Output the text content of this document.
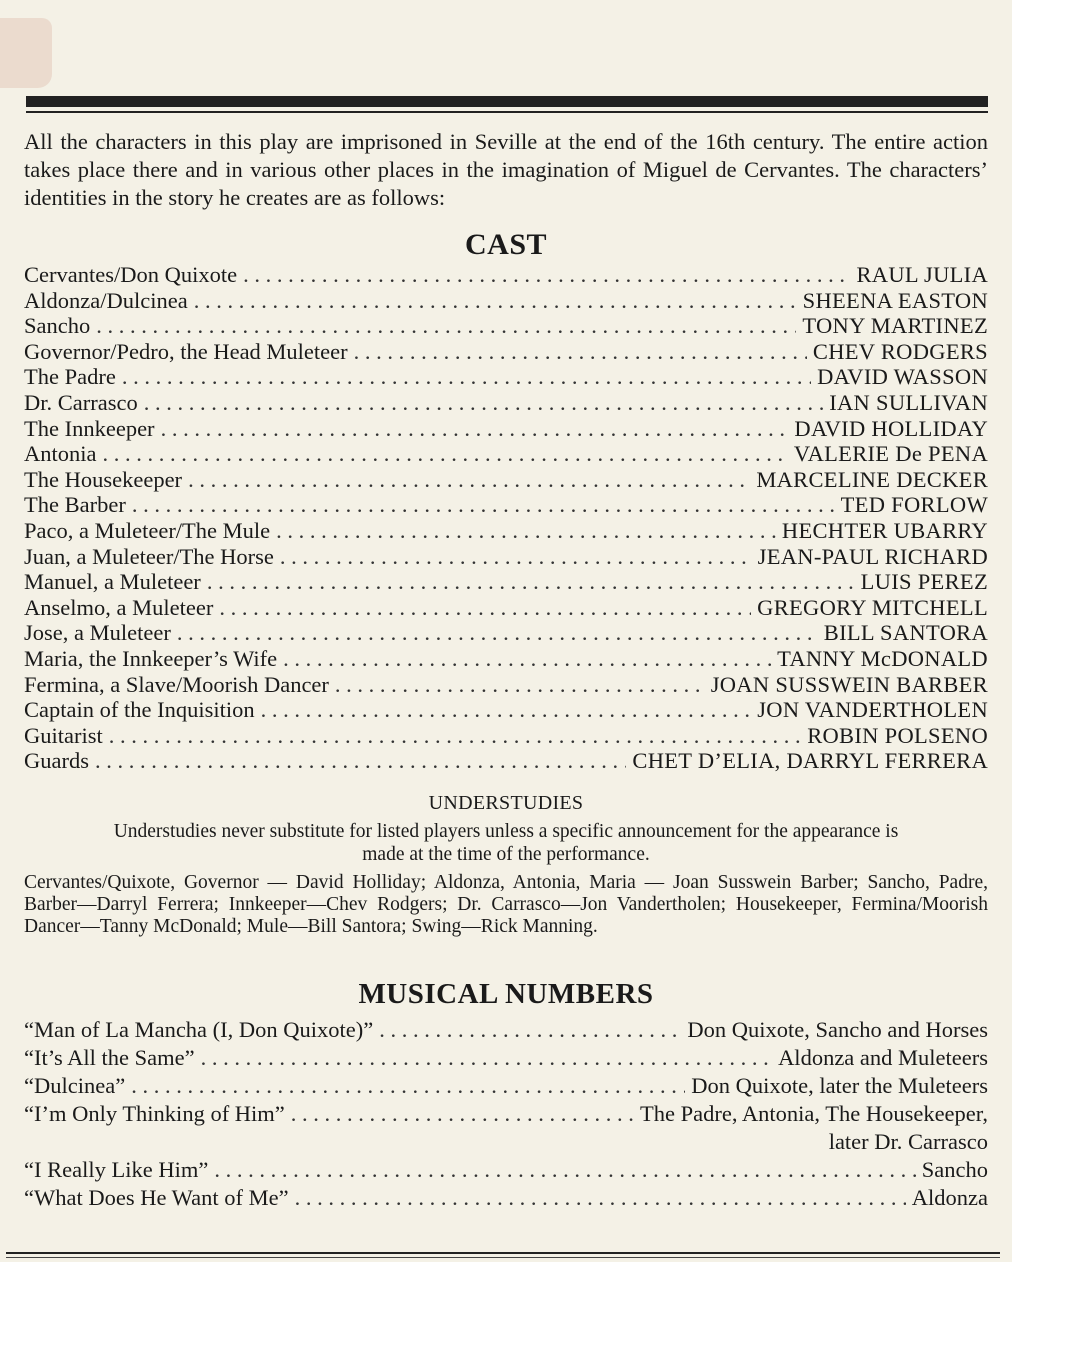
All the characters in this play are imprisoned in Seville at the end of the 16th century. The entire action takes place there and in various other places in the imagination of Miguel de Cervantes. The characters’ identities in the story he creates are as follows:
CAST
Cervantes/Don Quixote . . .	RAUL JULIA
Aldonza/Dulcinea . . .	SHEENA EASTON
Sancho . . .	TONY MARTINEZ
Governor/Pedro, the Head Muleteer . . .	CHEV RODGERS
The Padre . . .	DAVID WASSON
Dr. Carrasco . . .	IAN SULLIVAN
The Innkeeper . . .	DAVID HOLLIDAY
Antonia . . .	VALERIE De PENA
The Housekeeper . . .	MARCELINE DECKER
The Barber . . .	TED FORLOW
Paco, a Muleteer/The Mule . . .	HECHTER UBARRY
Juan, a Muleteer/The Horse . . .	JEAN-PAUL RICHARD
Manuel, a Muleteer . . .	LUIS PEREZ
Anselmo, a Muleteer . . .	GREGORY MITCHELL
Jose, a Muleteer . . .	BILL SANTORA
Maria, the Innkeeper’s Wife . . .	TANNY McDONALD
Fermina, a Slave/Moorish Dancer . . .	JOAN SUSSWEIN BARBER
Captain of the Inquisition . . .	JON VANDERTHOLEN
Guitarist . . .	ROBIN POLSENO
Guards . . .	CHET D’ELIA, DARRYL FERRERA
UNDERSTUDIES
Understudies never substitute for listed players unless a specific announcement for the appearance is made at the time of the performance.
Cervantes/Quixote, Governor — David Holliday; Aldonza, Antonia, Maria — Joan Susswein Barber; Sancho, Padre, Barber—Darryl Ferrera; Innkeeper—Chev Rodgers; Dr. Carrasco—Jon Vandertholen; Housekeeper, Fermina/Moorish Dancer—Tanny McDonald; Mule—Bill Santora; Swing—Rick Manning.
MUSICAL NUMBERS
“Man of La Mancha (I, Don Quixote)” . . .	Don Quixote, Sancho and Horses
“It’s All the Same” . . .	Aldonza and Muleteers
“Dulcinea” . . .	Don Quixote, later the Muleteers
“I’m Only Thinking of Him” . . .	The Padre, Antonia, The Housekeeper,
later Dr. Carrasco
“I Really Like Him” . . .	Sancho
“What Does He Want of Me” . . .	Aldonza
